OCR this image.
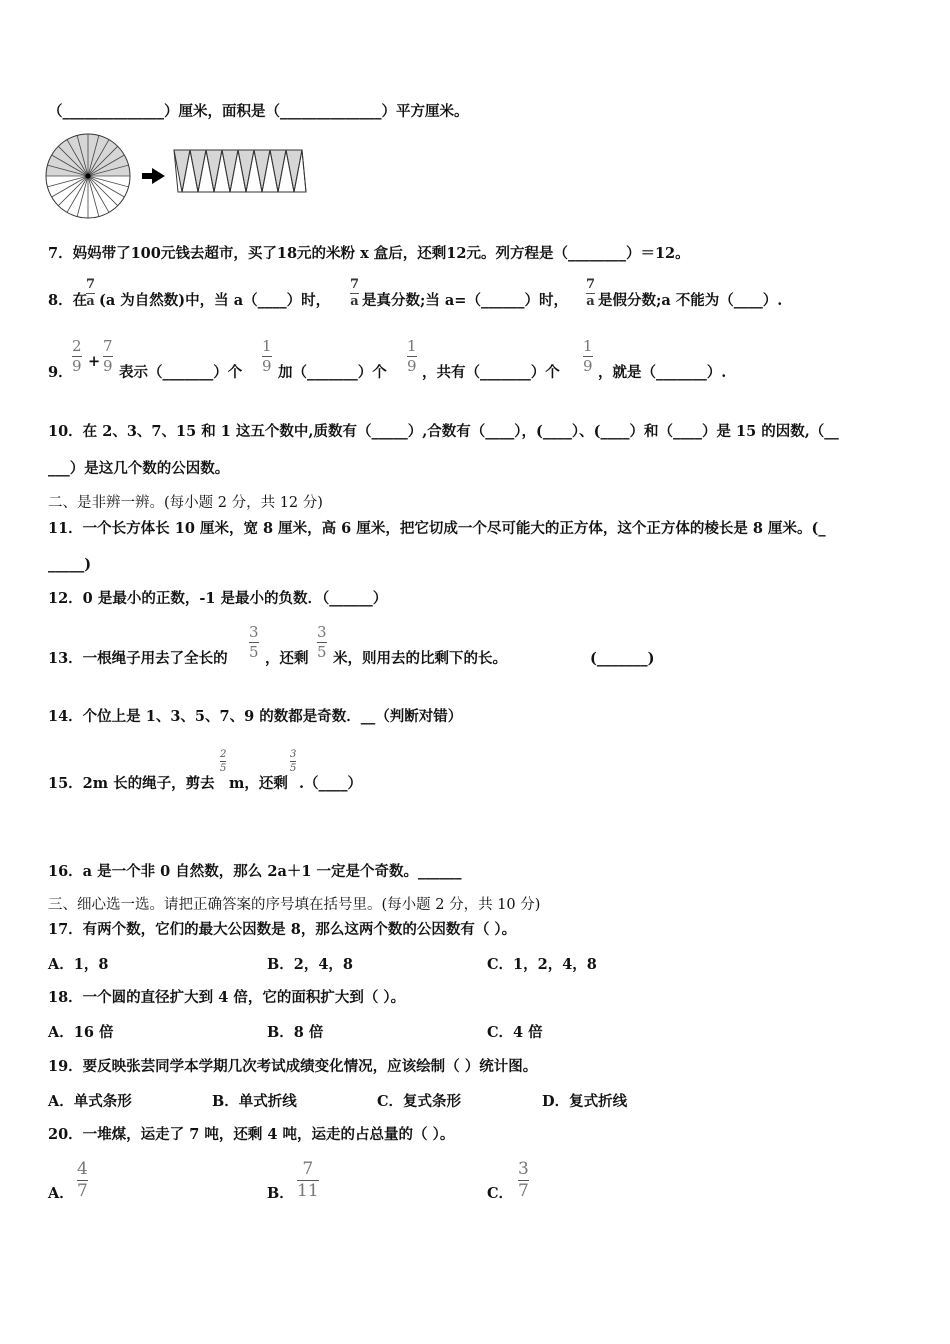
（______________）厘米，面积是（______________）平方厘米。
7．妈妈带了100元钱去超市，买了18元的米粉 x 盒后，还剩12元。列方程是（________）＝12。
8．在
7
a (a 为自然数)中，当 a（____）时，
7
a 是真分数;当 a=（______）时，
7
a 是假分数;a 不能为（____）.
9．
2
9 +
7
9 表示（_______）个
1
9 加（_______）个
1
9 ，共有（_______）个
1
9 ，就是（_______）.
10．在 2、3、7、15 和 1 这五个数中,质数有（_____）,合数有（____），(____）、(____）和（____）是 15 的因数,（__
___）是这几个数的公因数。
二、是非辨一辨。(每小题 2 分，共 12 分)
11．一个长方体长 10 厘米，宽 8 厘米，高 6 厘米，把它切成一个尽可能大的正方体，这个正方体的棱长是 8 厘米。(_
_____)
12．0 是最小的正数，-1 是最小的负数．（______）
13．一根绳子用去了全长的
3
5 ，还剩
3
5 米，则用去的比剩下的长。	(_______)
14．个位上是 1、3、5、7、9 的数都是奇数．__（判断对错）
15．2m 长的绳子，剪去
2
5
m，还剩
3
5
.（____）
16．a 是一个非 0 自然数，那么 2a＋1 一定是个奇数。______
三、细心选一选。请把正确答案的序号填在括号里。(每小题 2 分，共 10 分)
17．有两个数，它们的最大公因数是 8，那么这两个数的公因数有（ ）。
A．1，8	B．2，4，8	C．1，2，4，8
18．一个圆的直径扩大到 4 倍，它的面积扩大到（ ）。
A．16 倍	B．8 倍	C．4 倍
19．要反映张芸同学本学期几次考试成绩变化情况，应该绘制（ ）统计图。
A．单式条形	B．单式折线	C．复式条形	D．复式折线
20．一堆煤，运走了 7 吨，还剩 4 吨，运走的占总量的（ ）。
A．
4
7	B．
7
11	C．
3
7
